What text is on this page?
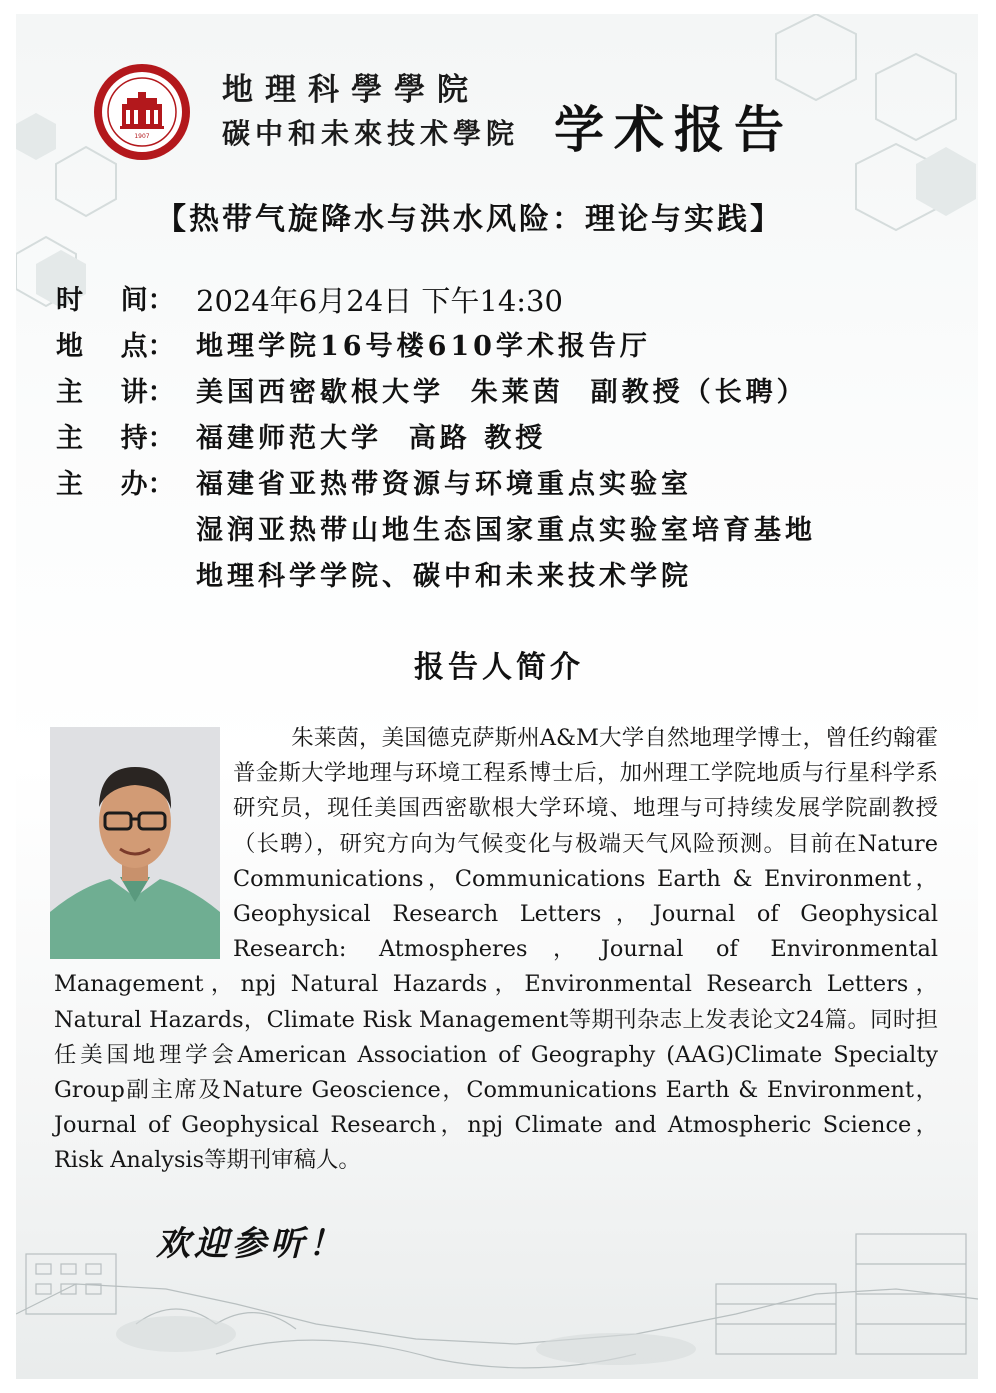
1907
地理科學學院
碳中和未來技术學院 学术报告
【热带气旋降水与洪水风险：理论与实践】
时    间： 2024年6月24日 下午14:30
地    点： 地理学院16号楼610学术报告厅
主    讲： 美国西密歇根大学  朱莱茵  副教授（长聘）
主    持： 福建师范大学  高路 教授
主    办： 福建省亚热带资源与环境重点实验室
湿润亚热带山地生态国家重点实验室培育基地
地理科学学院、碳中和未来技术学院
报告人简介
朱莱茵，美国德克萨斯州A&M大学自然地理学博士，曾任约翰霍普金斯大学地理与环境工程系博士后，加州理工学院地质与行星科学系研究员，现任美国西密歇根大学环境、地理与可持续发展学院副教授（长聘），研究方向为气候变化与极端天气风险预测。目前在Nature Communications，Communications Earth & Environment，Geophysical Research Letters，Journal of Geophysical Research: Atmospheres，Journal of Environmental Management，npj Natural Hazards，Environmental Research Letters，Natural Hazards，Climate Risk Management等期刊杂志上发表论文24篇。同时担任美国地理学会American Association of Geography (AAG)Climate Specialty Group副主席及Nature Geoscience，Communications Earth & Environment，Journal of Geophysical Research，npj Climate and Atmospheric Science，Risk Analysis等期刊审稿人。
欢迎参听！
